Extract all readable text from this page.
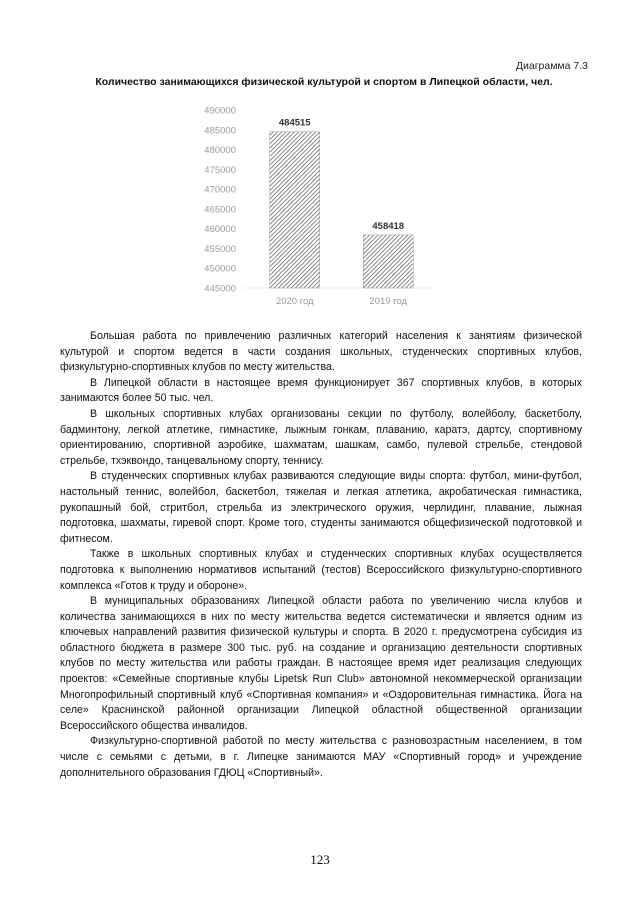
Диаграмма 7.3
Количество занимающихся физической культурой и спортом в Липецкой области, чел.
445000
450000
455000
460000
465000
470000
475000
480000
485000
490000
484515
458418
2020 год	2019 год

Большая работа по привлечению различных категорий населения к занятиям физической культурой и спортом ведется в части создания школьных, студенческих спортивных клубов, физкультурно-спортивных клубов по месту жительства.

В Липецкой области в настоящее время функционирует 367 спортивных клубов, в которых занимаются более 50 тыс. чел.

В школьных спортивных клубах организованы секции по футболу, волейболу, баскетболу, бадминтону, легкой атлетике, гимнастике, лыжным гонкам, плаванию, каратэ, дартсу, спортивному ориентированию, спортивной аэробике, шахматам, шашкам, самбо, пулевой стрельбе, стендовой стрельбе, тхэквондо, танцевальному спорту, теннису.

В студенческих спортивных клубах развиваются следующие виды спорта: футбол, мини-футбол, настольный теннис, волейбол, баскетбол, тяжелая и легкая атлетика, акробатическая гимнастика, рукопашный бой, стритбол, стрельба из электрического оружия, черлидинг, плавание, лыжная подготовка, шахматы, гиревой спорт. Кроме того, студенты занимаются общефизической подготовкой и фитнесом.

Также в школьных спортивных клубах и студенческих спортивных клубах осуществляется подготовка к выполнению нормативов испытаний (тестов) Всероссийского физкультурно-спортивного комплекса «Готов к труду и обороне».

В муниципальных образованиях Липецкой области работа по увеличению числа клубов и количества занимающихся в них по месту жительства ведется систематически и является одним из ключевых направлений развития физической культуры и спорта. В 2020 г. предусмотрена субсидия из областного бюджета в размере 300 тыс. руб. на создание и организацию деятельности спортивных клубов по месту жительства или работы граждан. В настоящее время идет реализация следующих проектов: «Семейные спортивные клубы Lipetsk Run Club» автономной некоммерческой организации Многопрофильный спортивный клуб «Спортивная компания» и «Оздоровительная гимнастика. Йога на селе» Краснинской районной организации Липецкой областной общественной организации Всероссийского общества инвалидов.

Физкультурно-спортивной работой по месту жительства с разновозрастным населением, в том числе с семьями с детьми, в г. Липецке занимаются МАУ «Спортивный город» и учреждение дополнительного образования ГДЮЦ «Спортивный».

123
